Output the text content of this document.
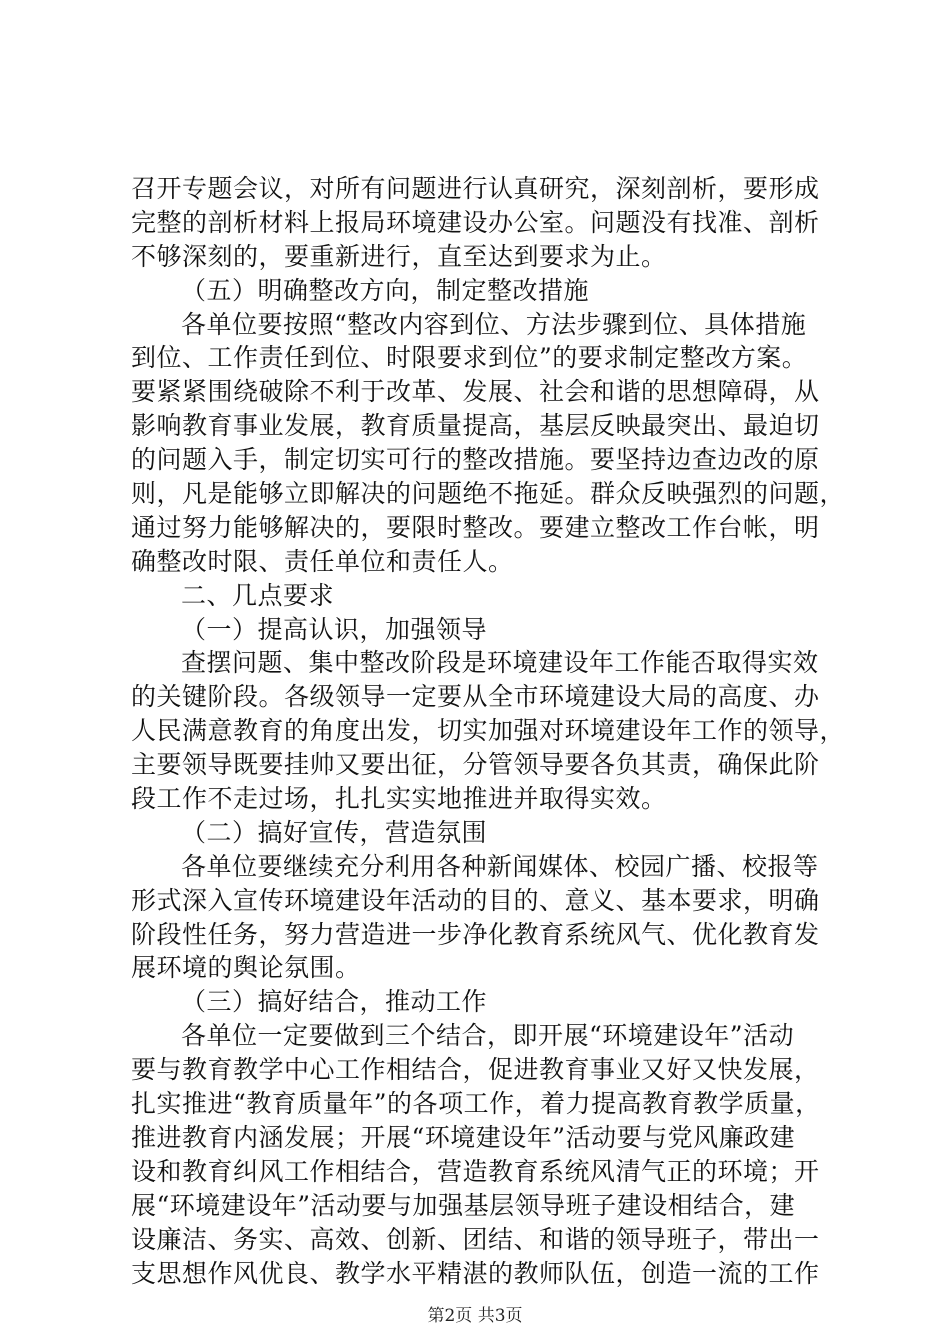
召开专题会议，对所有问题进行认真研究，深刻剖析，要形成
完整的剖析材料上报局环境建设办公室。问题没有找准、剖析
不够深刻的，要重新进行，直至达到要求为止。
（五）明确整改方向，制定整改措施
各单位要按照“整改内容到位、方法步骤到位、具体措施
到位、工作责任到位、时限要求到位”的要求制定整改方案。
要紧紧围绕破除不利于改革、发展、社会和谐的思想障碍，从
影响教育事业发展，教育质量提高，基层反映最突出、最迫切
的问题入手，制定切实可行的整改措施。要坚持边查边改的原
则，凡是能够立即解决的问题绝不拖延。群众反映强烈的问题，
通过努力能够解决的，要限时整改。要建立整改工作台帐，明
确整改时限、责任单位和责任人。
二、几点要求
（一）提高认识，加强领导
查摆问题、集中整改阶段是环境建设年工作能否取得实效
的关键阶段。各级领导一定要从全市环境建设大局的高度、办
人民满意教育的角度出发，切实加强对环境建设年工作的领导，
主要领导既要挂帅又要出征，分管领导要各负其责，确保此阶
段工作不走过场，扎扎实实地推进并取得实效。
（二）搞好宣传，营造氛围
各单位要继续充分利用各种新闻媒体、校园广播、校报等
形式深入宣传环境建设年活动的目的、意义、基本要求，明确
阶段性任务，努力营造进一步净化教育系统风气、优化教育发
展环境的舆论氛围。
（三）搞好结合，推动工作
各单位一定要做到三个结合，即开展“环境建设年”活动
要与教育教学中心工作相结合，促进教育事业又好又快发展，
扎实推进“教育质量年”的各项工作，着力提高教育教学质量，
推进教育内涵发展；开展“环境建设年”活动要与党风廉政建
设和教育纠风工作相结合，营造教育系统风清气正的环境；开
展“环境建设年”活动要与加强基层领导班子建设相结合，建
设廉洁、务实、高效、创新、团结、和谐的领导班子，带出一
支思想作风优良、教学水平精湛的教师队伍，创造一流的工作
第2页 共3页
